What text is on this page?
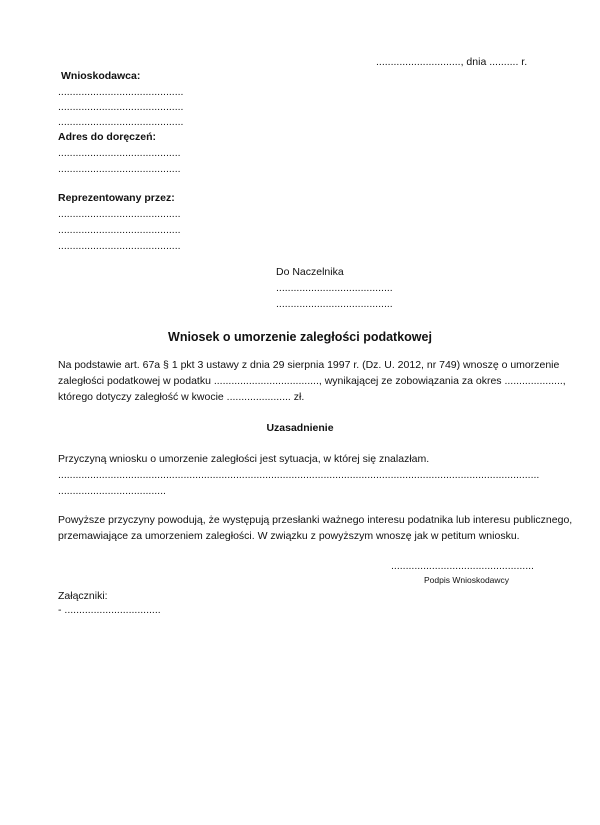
............................., dnia .......... r.
Wnioskodawca:
...........................................
...........................................
...........................................
Adres do doręczeń:
..........................................
..........................................
Reprezentowany przez:
..........................................
..........................................
..........................................
Do Naczelnika
........................................
........................................
Wniosek o umorzenie zaległości podatkowej
Na podstawie art. 67a § 1 pkt 3 ustawy z dnia 29 sierpnia 1997 r. (Dz. U. 2012, nr 749) wnoszę o umorzenie
zaległości podatkowej w podatku ...................................., wynikającej ze zobowiązania za okres ....................,
którego dotyczy zaległość w kwocie ...................... zł.
Uzasadnienie
Przyczyną wniosku o umorzenie zaległości jest sytuacja, w której się znalazłam.
.....................................................................................................................................................................
.....................................
Powyższe przyczyny powodują, że występują przesłanki ważnego interesu podatnika lub interesu publicznego,
przemawiające za umorzeniem zaległości. W związku z powyższym wnoszę jak w petitum wniosku.
.................................................
Podpis Wnioskodawcy
Załączniki:
- .................................
